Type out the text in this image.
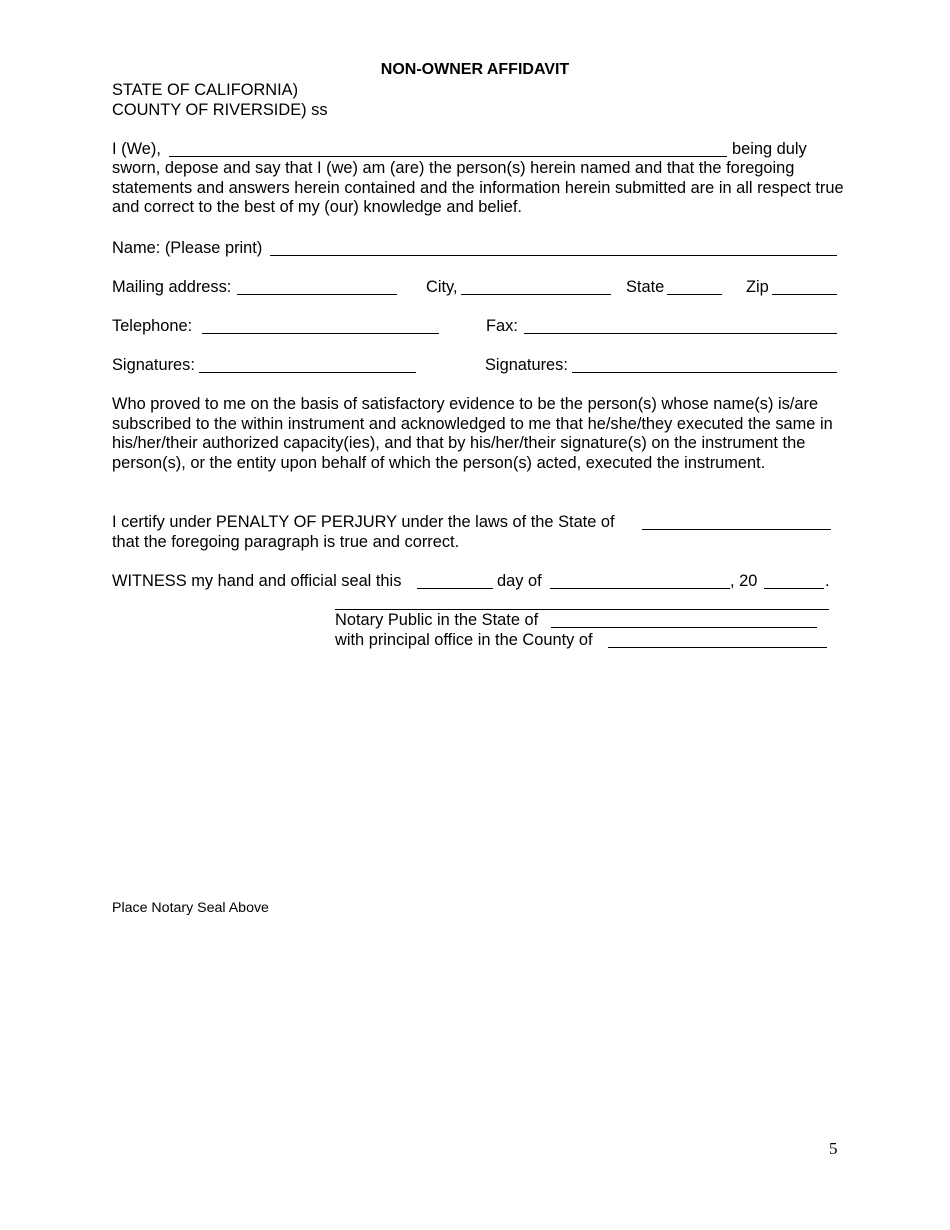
NON-OWNER AFFIDAVIT
STATE OF CALIFORNIA)
COUNTY OF RIVERSIDE) ss
I (We),	being duly
sworn, depose and say that I (we) am (are) the person(s) herein named and that the foregoing statements and answers herein contained and the information herein submitted are in all respect true and correct to the best of my (our) knowledge and belief.
Name: (Please print)
Mailing address:	City,	State	Zip
Telephone:	Fax:
Signatures:	Signatures:
Who proved to me on the basis of satisfactory evidence to be the person(s) whose name(s) is/are subscribed to the within instrument and acknowledged to me that he/she/they executed the same in his/her/their authorized capacity(ies), and that by his/her/their signature(s) on the instrument the person(s), or the entity upon behalf of which the person(s) acted, executed the instrument.
I certify under PENALTY OF PERJURY under the laws of the State of
that the foregoing paragraph is true and correct.
WITNESS my hand and official seal this	day of	, 20	.
Notary Public in the State of
with principal office in the County of
Place Notary Seal Above
5
